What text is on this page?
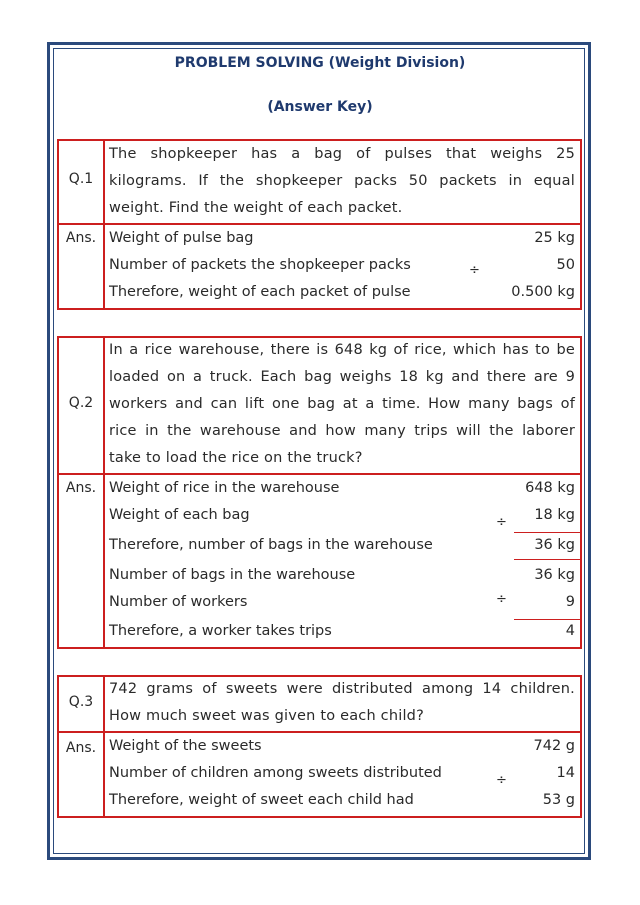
PROBLEM SOLVING (Weight Division)
(Answer Key)
Q.1
The shopkeeper has a bag of pulses that weighs 25
kilograms. If the shopkeeper packs 50 packets in equal
weight. Find the weight of each packet.
Ans. Weight of pulse bag	25 kg
Number of packets the shopkeeper packs	50
÷
Therefore, weight of each packet of pulse	0.500 kg
Q.2
In a rice warehouse, there is 648 kg of rice, which has to be
loaded on a truck. Each bag weighs 18 kg and there are 9
workers and can lift one bag at a time. How many bags of
rice in the warehouse and how many trips will the laborer
take to load the rice on the truck?
Ans. Weight of rice in the warehouse	648 kg
Weight of each bag	18 kg
÷
Therefore, number of bags in the warehouse	36 kg
Number of bags in the warehouse	36 kg
Number of workers	9
÷
Therefore, a worker takes trips	4
Q.3
742 grams of sweets were distributed among 14 children.
How much sweet was given to each child?
Ans. Weight of the sweets	742 g
Number of children among sweets distributed	14
÷
Therefore, weight of sweet each child had	53 g
